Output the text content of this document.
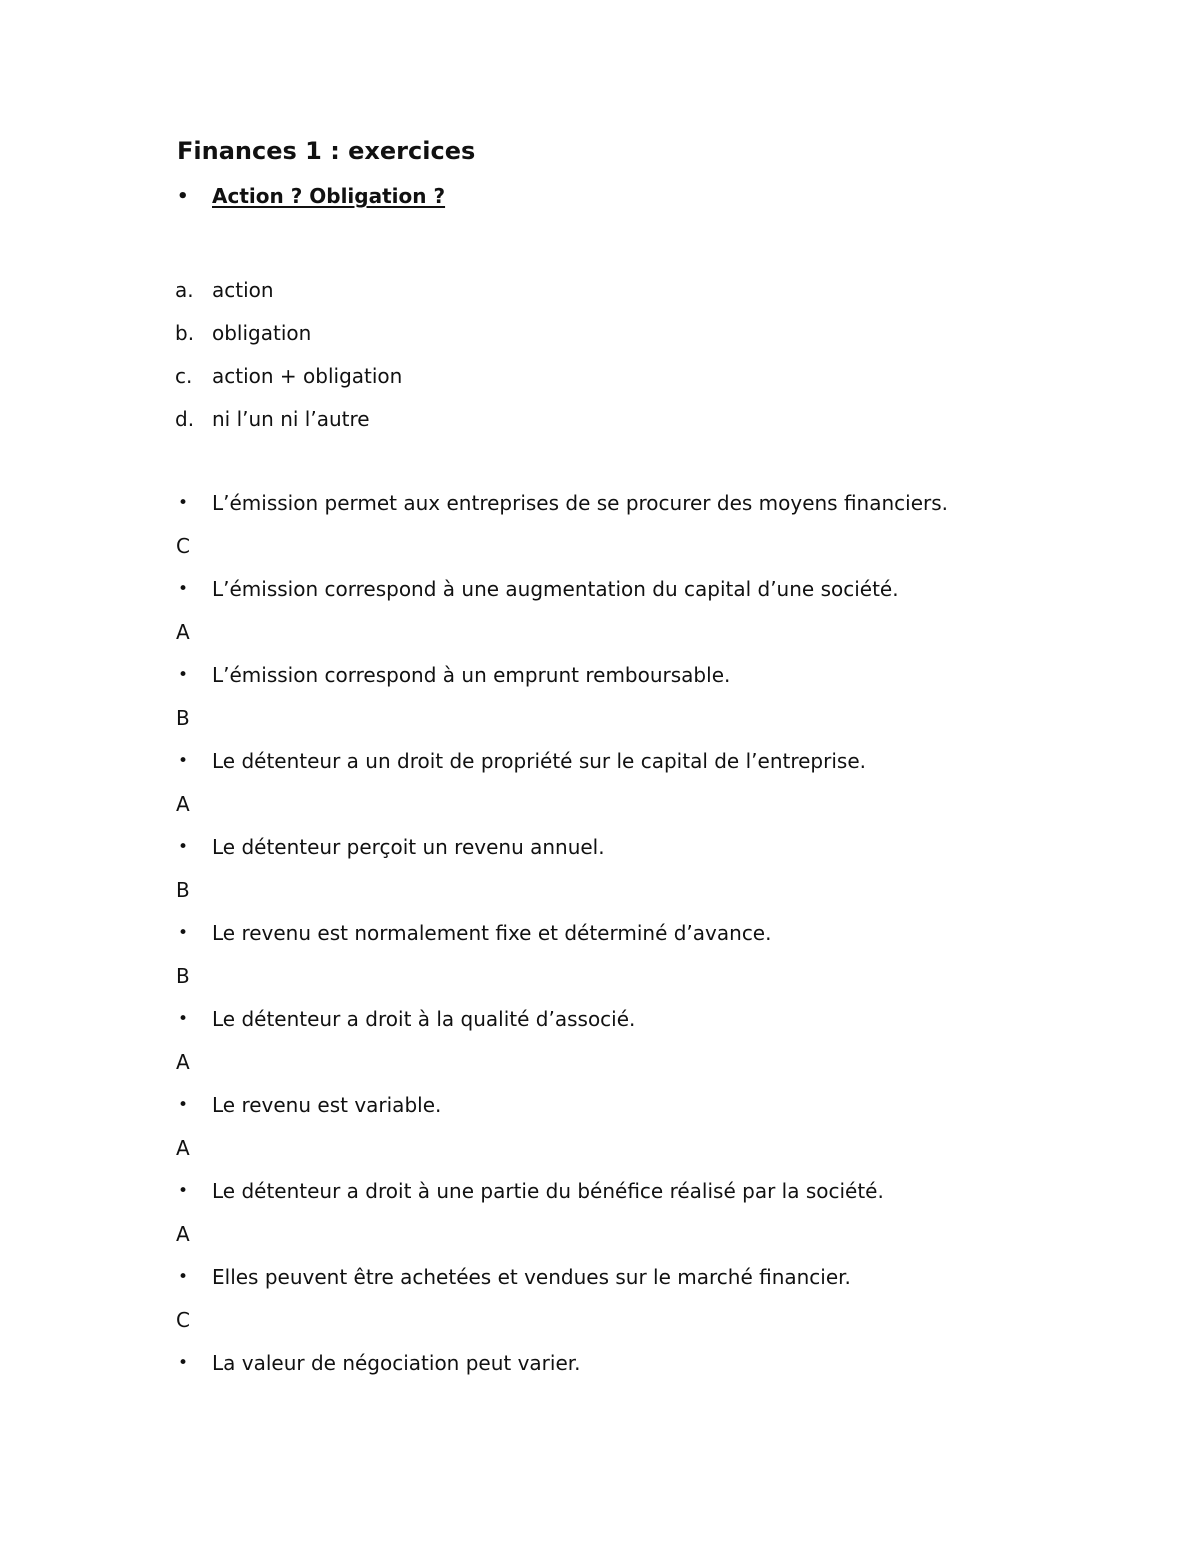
Finances 1 : exercices
•	Action ? Obligation ?
a. action
b. obligation
c. action + obligation
d. ni l’un ni l’autre
•	L’émission permet aux entreprises de se procurer des moyens financiers.
C
•	L’émission correspond à une augmentation du capital d’une société.
A
•	L’émission correspond à un emprunt remboursable.
B
•	Le détenteur a un droit de propriété sur le capital de l’entreprise.
A
•	Le détenteur perçoit un revenu annuel.
B
•	Le revenu est normalement fixe et déterminé d’avance.
B
•	Le détenteur a droit à la qualité d’associé.
A
•	Le revenu est variable.
A
•	Le détenteur a droit à une partie du bénéfice réalisé par la société.
A
•	Elles peuvent être achetées et vendues sur le marché financier.
C
•	La valeur de négociation peut varier.
